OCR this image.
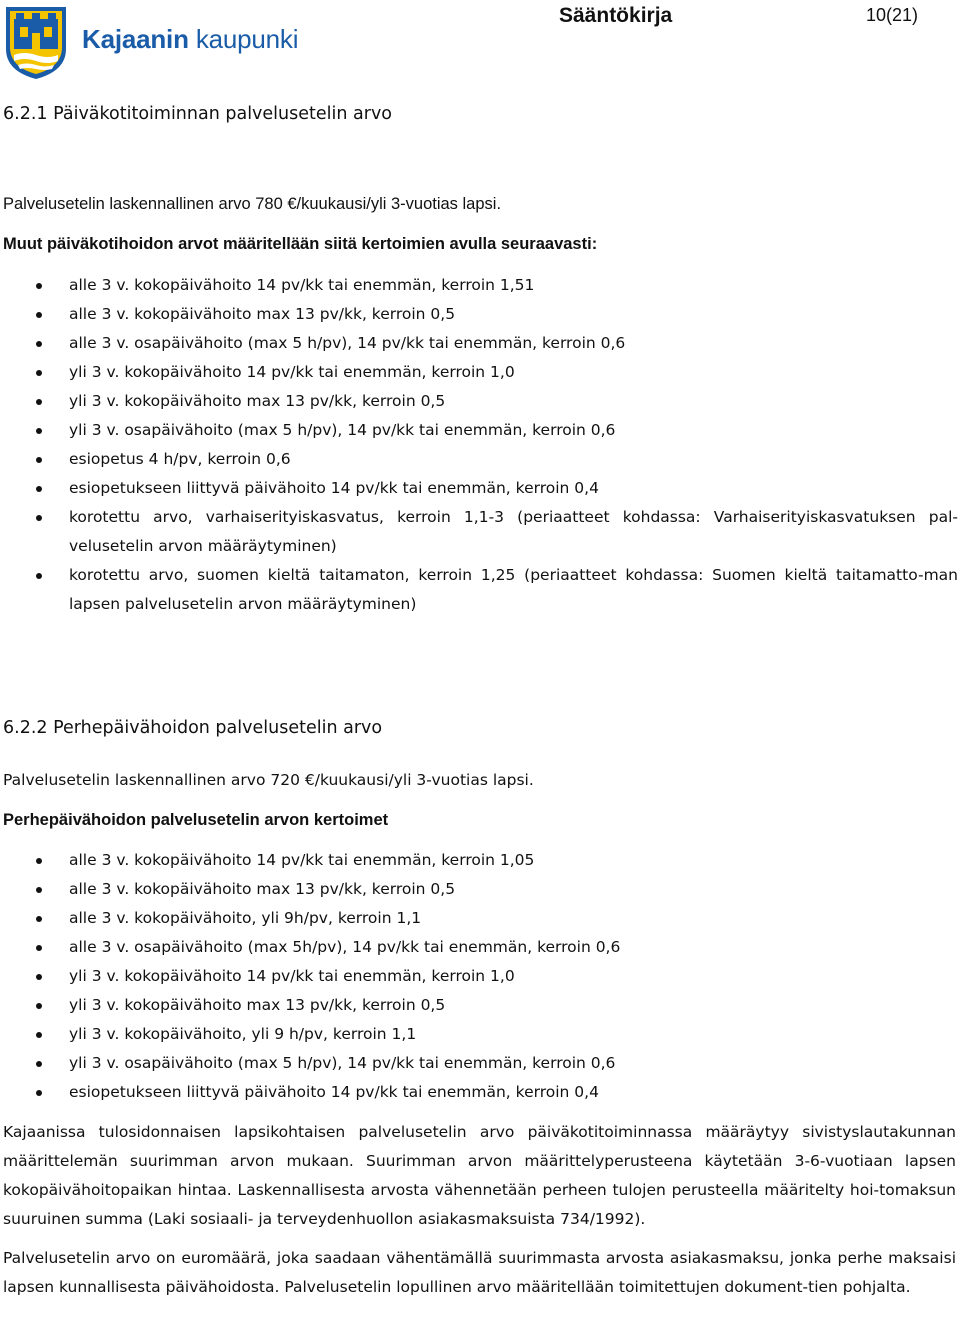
Kajaanin kaupunki
Sääntökirja	10(21)
6.2.1 Päiväkotitoiminnan palvelusetelin arvo

Palvelusetelin laskennallinen arvo 780 €/kuukausi/yli 3-vuotias lapsi.

Muut päiväkotihoidon arvot määritellään siitä kertoimien avulla seuraavasti:

alle 3 v. kokopäivähoito 14 pv/kk tai enemmän, kerroin 1,51
alle 3 v. kokopäivähoito max 13 pv/kk, kerroin 0,5
alle 3 v. osapäivähoito (max 5 h/pv), 14 pv/kk tai enemmän, kerroin 0,6
yli 3 v. kokopäivähoito 14 pv/kk tai enemmän, kerroin 1,0
yli 3 v. kokopäivähoito max 13 pv/kk, kerroin 0,5
yli 3 v. osapäivähoito (max 5 h/pv), 14 pv/kk tai enemmän, kerroin 0,6
esiopetus 4 h/pv, kerroin 0,6
esiopetukseen liittyvä päivähoito 14 pv/kk tai enemmän, kerroin 0,4
korotettu arvo, varhaiserityiskasvatus, kerroin 1,1-3 (periaatteet kohdassa: Varhaiserityiskasvatuksen pal-velusetelin arvon määräytyminen)
korotettu arvo, suomen kieltä taitamaton, kerroin 1,25 (periaatteet kohdassa: Suomen kieltä taitamatto-man lapsen palvelusetelin arvon määräytyminen)
6.2.2 Perhepäivähoidon palvelusetelin arvo

Palvelusetelin laskennallinen arvo 720 €/kuukausi/yli 3-vuotias lapsi.

Perhepäivähoidon palvelusetelin arvon kertoimet

alle 3 v. kokopäivähoito 14 pv/kk tai enemmän, kerroin 1,05
alle 3 v. kokopäivähoito max 13 pv/kk, kerroin 0,5
alle 3 v. kokopäivähoito, yli 9h/pv, kerroin 1,1
alle 3 v. osapäivähoito (max 5h/pv), 14 pv/kk tai enemmän, kerroin 0,6
yli 3 v. kokopäivähoito 14 pv/kk tai enemmän, kerroin 1,0
yli 3 v. kokopäivähoito max 13 pv/kk, kerroin 0,5
yli 3 v. kokopäivähoito, yli 9 h/pv, kerroin 1,1
yli 3 v. osapäivähoito (max 5 h/pv), 14 pv/kk tai enemmän, kerroin 0,6
esiopetukseen liittyvä päivähoito 14 pv/kk tai enemmän, kerroin 0,4

Kajaanissa tulosidonnaisen lapsikohtaisen palvelusetelin arvo päiväkotitoiminnassa määräytyy sivistyslautakunnan määrittelemän suurimman arvon mukaan. Suurimman arvon määrittelyperusteena käytetään 3-6-vuotiaan lapsen kokopäivähoitopaikan hintaa. Laskennallisesta arvosta vähennetään perheen tulojen perusteella määritelty hoi-tomaksun suuruinen summa (Laki sosiaali- ja terveydenhuollon asiakasmaksuista 734/1992).

Palvelusetelin arvo on euromäärä, joka saadaan vähentämällä suurimmasta arvosta asiakasmaksu, jonka perhe maksaisi lapsen kunnallisesta päivähoidosta. Palvelusetelin lopullinen arvo määritellään toimitettujen dokument-tien pohjalta.
